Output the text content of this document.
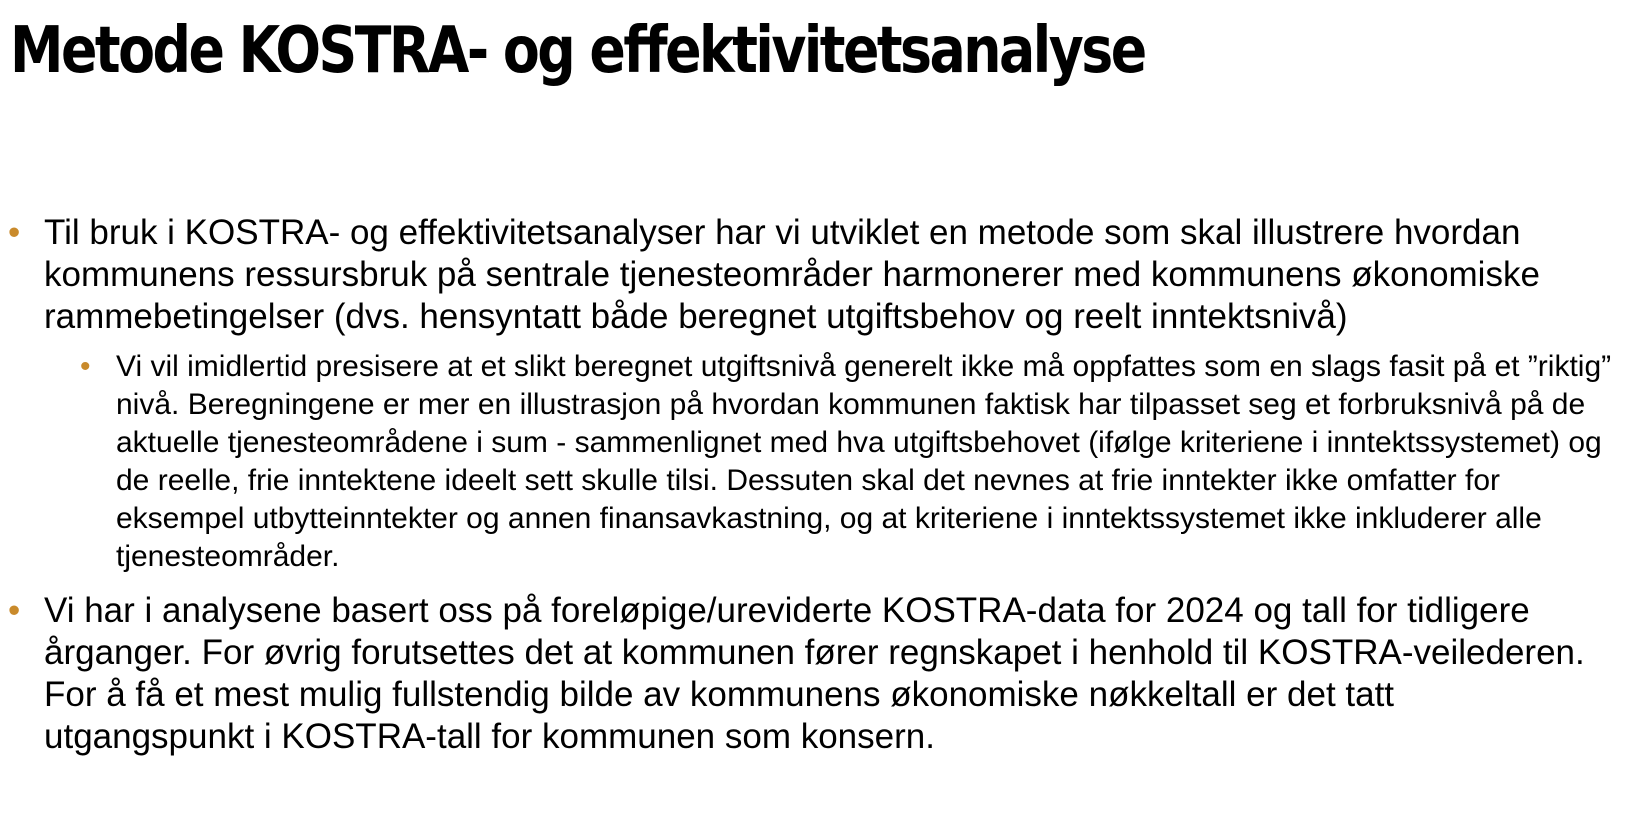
Metode KOSTRA- og effektivitetsanalyse
• Til bruk i KOSTRA- og effektivitetsanalyser har vi utviklet en metode som skal illustrere hvordan kommunens ressursbruk på sentrale tjenesteområder harmonerer med kommunens økonomiske rammebetingelser (dvs. hensyntatt både beregnet utgiftsbehov og reelt inntektsnivå)
• Vi vil imidlertid presisere at et slikt beregnet utgiftsnivå generelt ikke må oppfattes som en slags fasit på et ”riktig” nivå. Beregningene er mer en illustrasjon på hvordan kommunen faktisk har tilpasset seg et forbruksnivå på de aktuelle tjenesteområdene i sum - sammenlignet med hva utgiftsbehovet (ifølge kriteriene i inntektssystemet) og de reelle, frie inntektene ideelt sett skulle tilsi. Dessuten skal det nevnes at frie inntekter ikke omfatter for eksempel utbytteinntekter og annen finansavkastning, og at kriteriene i inntektssystemet ikke inkluderer alle tjenesteområder.
• Vi har i analysene basert oss på foreløpige/ureviderte KOSTRA-data for 2024 og tall for tidligere årganger. For øvrig forutsettes det at kommunen fører regnskapet i henhold til KOSTRA-veilederen. For å få et mest mulig fullstendig bilde av kommunens økonomiske nøkkeltall er det tatt utgangspunkt i KOSTRA-tall for kommunen som konsern.
